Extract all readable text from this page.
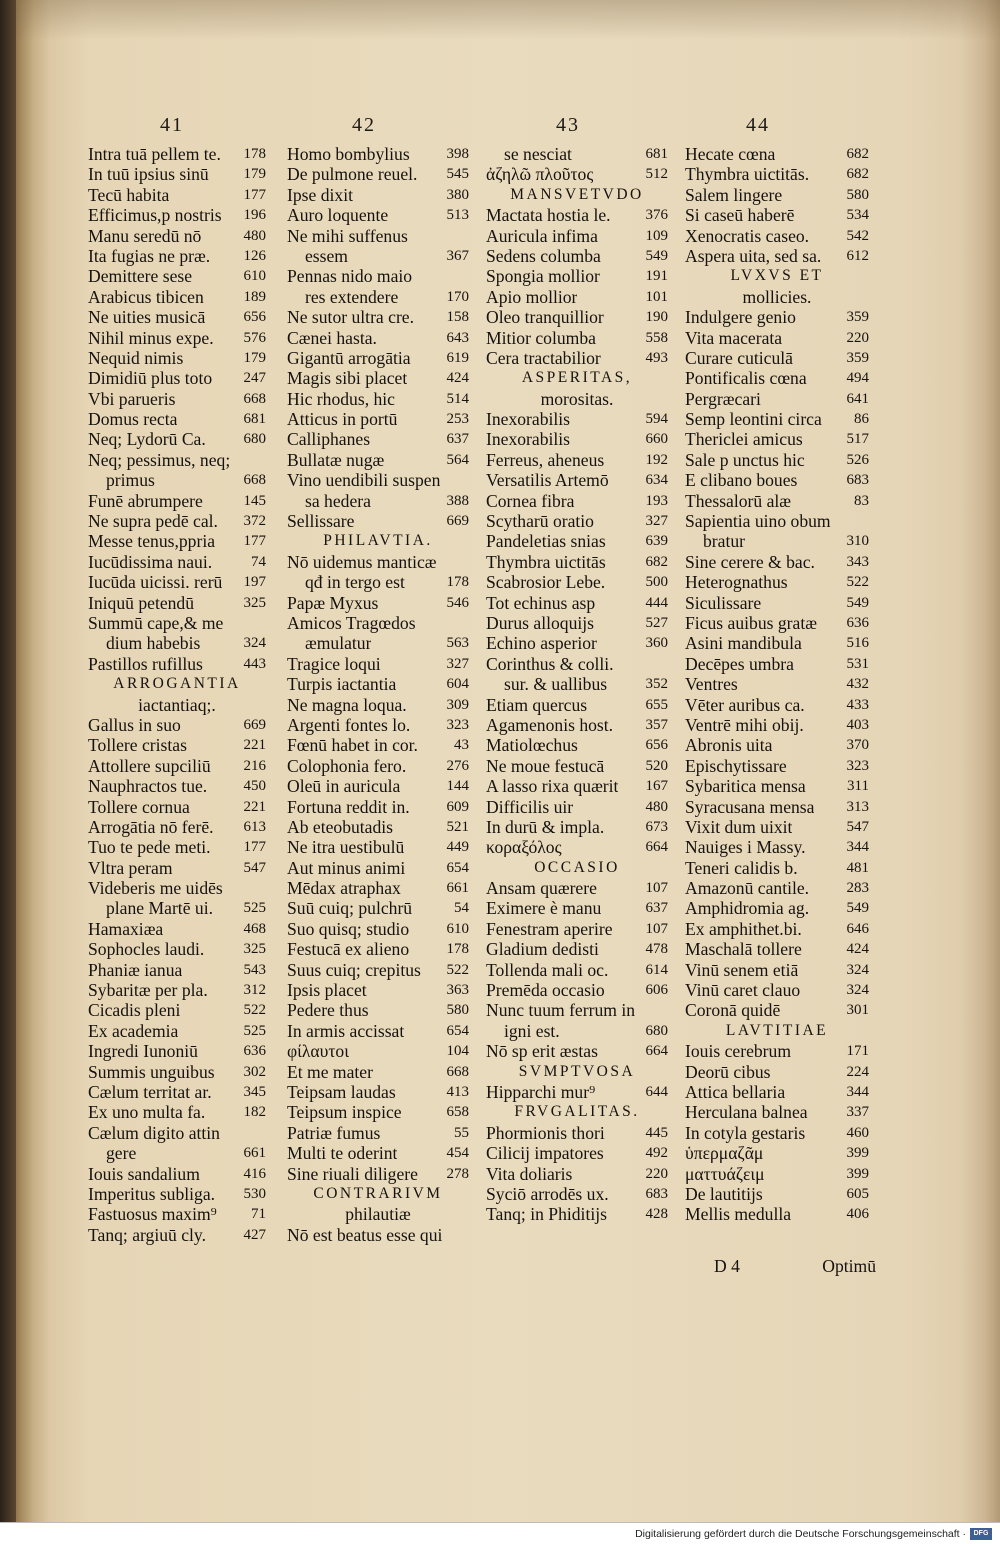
41	42	43	44
Intra tuā pellem te. 178
In tuū ipsius sinū 179
Tecū habita	177
Efficimus,p nostris 196
Manu seredū nō	480
Ita fugias ne præ. 126
Demittere sese	610
Arabicus tibicen	189
Ne uities musicā	656
Nihil minus expe. 576
Nequid nimis	179
Dimidiū plus toto 247
Vbi parueris	668
Domus recta	681
Neq; Lydorū Ca.	680
Neq; pessimus, neq;
primus	668
Funē abrumpere	145
Ne supra pedē cal. 372
Messe tenus,ppria 177
Iucūdissima naui.	74
Iucūda uicissi. rerū 197
Iniquū petendū	325
Summū cape,& me
dium habebis	324
Pastillos rufillus	443
ARROGANTIA
iactantiaq;.
Gallus in suo	669
Tollere cristas	221
Attollere supciliū 216
Nauphractos tue. 450
Tollere cornua	221
Arrogātia nō ferē. 613
Tuo te pede meti. 177
Vltra peram	547
Videberis me uidēs
plane Martē ui. 525
Hamaxiæa	468
Sophocles laudi.	325
Phaniæ ianua	543
Sybaritæ per pla. 312
Cicadis pleni	522
Ex academia	525
Ingredi Iunoniū	636
Summis unguibus 302
Cælum territat ar. 345
Ex uno multa fa.	182
Cælum digito attin
gere	661
Iouis sandalium	416
Imperitus subliga. 530
Fastuosus maxim⁹ 71
Tanq; argiuū cly.	427
Homo bombylius 398
De pulmone reuel. 545
Ipse dixit	380
Auro loquente	513
Ne mihi suffenus
essem	367
Pennas nido maio
res extendere	170
Ne sutor ultra cre. 158
Cænei hasta.	643
Gigantū arrogātia 619
Magis sibi placet	424
Hic rhodus, hic	514
Atticus in portū	253
Calliphanes	637
Bullatæ nugæ	564
Vino uendibili suspen
sa hedera	388
Sellissare	669
PHILAVTIA.
Nō uidemus manticæ
qđ in tergo est	178
Papæ Myxus	546
Amicos Tragœdos
æmulatur	563
Tragice loqui	327
Turpis iactantia	604
Ne magna loqua.	309
Argenti fontes lo. 323
Fœnū habet in cor. 43
Colophonia fero.	276
Oleū in auricula	144
Fortuna reddit in. 609
Ab eteobutadis	521
Ne itra uestibulū	449
Aut minus animi	654
Mēdax atraphax	661
Suū cuiq; pulchrū	54
Suo quisq; studio 610
Festucā ex alieno 178
Suus cuiq; crepitus 522
Ipsis placet	363
Pedere thus	580
In armis accissat	654
φίλαυτοι	104
Et me mater	668
Teipsam laudas	413
Teipsum inspice	658
Patriæ fumus	55
Multi te oderint	454
Sine riuali diligere 278
CONTRARIVM
philautiæ
Nō est beatus esse qui
se nesciat	681
ἀζηλῶ πλοῦτος	512
MANSVETVDO
Mactata hostia le. 376
Auricula infima	109
Sedens columba	549
Spongia mollior	191
Apio mollior	101
Oleo tranquillior	190
Mitior columba	558
Cera tractabilior	493
ASPERITAS,
morositas.
Inexorabilis	594
Inexorabilis	660
Ferreus, aheneus	192
Versatilis Artemō 634
Cornea fibra	193
Scytharū oratio	327
Pandeletias snias	639
Thymbra uictitās	682
Scabrosior Lebe.	500
Tot echinus asp	444
Durus alloquijs	527
Echino asperior	360
Corinthus & colli.
sur. & uallibus	352
Etiam quercus	655
Agamenonis host. 357
Matiolœchus	656
Ne moue festucā	520
A lasso rixa quærit 167
Difficilis uir	480
In durū & impla.	673
κοραξόλος	664
OCCASIO
Ansam quærere	107
Eximere è manu	637
Fenestram aperire 107
Gladium dedisti	478
Tollenda mali oc. 614
Premēda occasio	606
Nunc tuum ferrum in
igni est.	680
Nō sp erit æstas	664
SVMPTVOSA
Hipparchi mur⁹	644
FRVGALITAS.
Phormionis thori	445
Cilicij impatores	492
Vita doliaris	220
Syciō arrodēs ux. 683
Tanq; in Phiditijs	428
Hecate cœna	682
Thymbra uictitās. 682
Salem lingere	580
Si caseū haberē	534
Xenocratis caseo. 542
Aspera uita, sed sa. 612
LVXVS ET
mollicies.
Indulgere genio	359
Vita macerata	220
Curare cuticulā	359
Pontificalis cœna	494
Pergræcari	641
Semp leontini circa 86
Thericlei amicus	517
Sale p unctus hic	526
E clibano boues	683
Thessalorū alæ	83
Sapientia uino obum
bratur	310
Sine cerere & bac. 343
Heterognathus	522
Siculissare	549
Ficus auibus gratæ 636
Asini mandibula	516
Decēpes umbra	531
Ventres	432
Vēter auribus ca.	433
Ventrē mihi obij.	403
Abronis uita	370
Epischytissare	323
Sybaritica mensa	311
Syracusana mensa 313
Vixit dum uixit	547
Nauiges i Massy.	344
Teneri calidis b.	481
Amazonū cantile. 283
Amphidromia ag. 549
Ex amphithet.bi.	646
Maschalā tollere	424
Vinū senem etiā	324
Vinū caret clauo	324
Coronā quidē	301
LAVTITIAE
Iouis cerebrum	171
Deorū cibus	224
Attica bellaria	344
Herculana balnea	337
In cotyla gestaris	460
ὑπερμαζᾶμ	399
ματτυάζειμ	399
De lautitijs	605
Mellis medulla	406
D 4	Optimū
Digitalisierung gefördert durch die Deutsche Forschungsgemeinschaft ·	DFG
